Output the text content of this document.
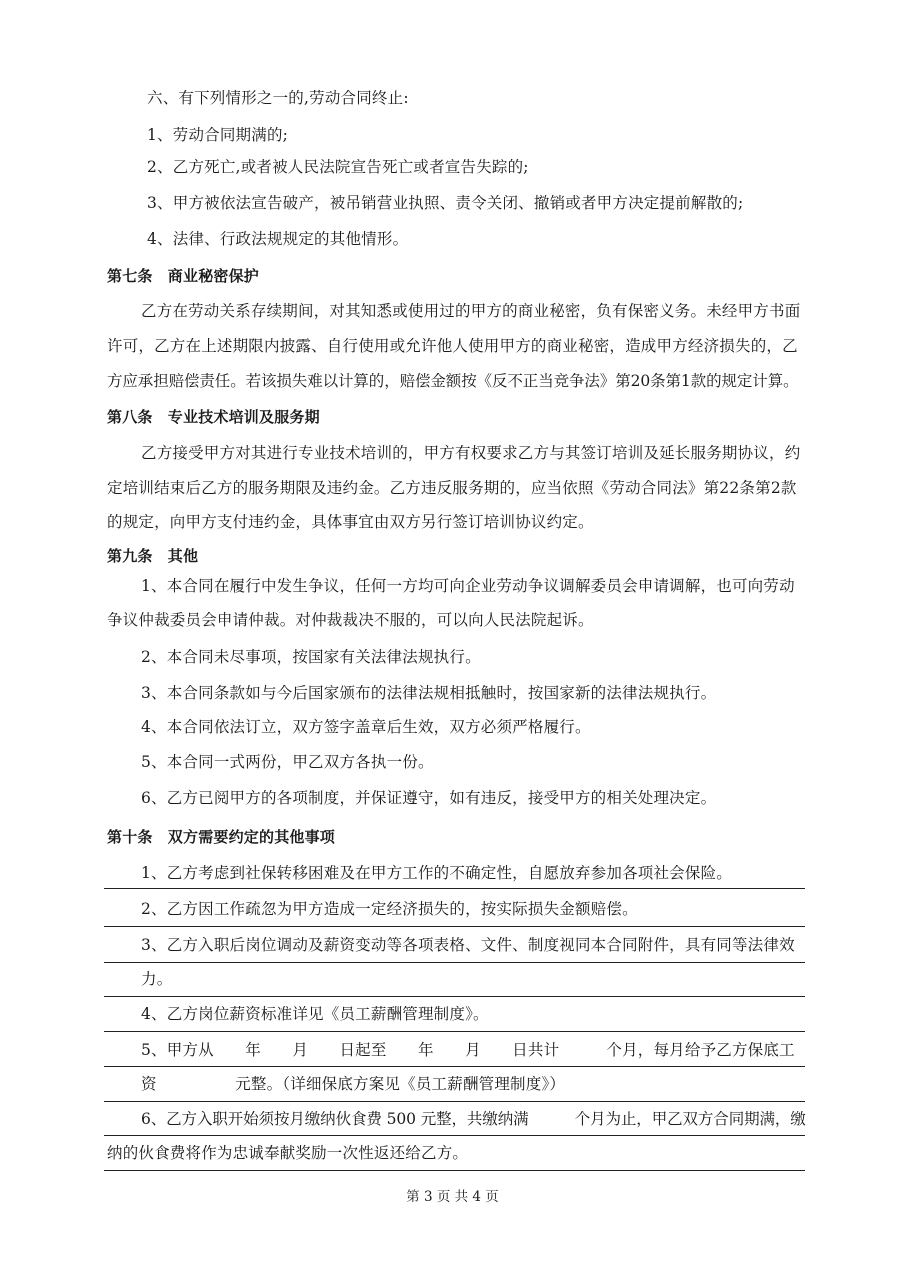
六、有下列情形之一的,劳动合同终止:
1、劳动合同期满的;
2、乙方死亡,或者被人民法院宣告死亡或者宣告失踪的;
3、甲方被依法宣告破产，被吊销营业执照、责令关闭、撤销或者甲方决定提前解散的;
4、法律、行政法规规定的其他情形。
第七条　商业秘密保护
乙方在劳动关系存续期间，对其知悉或使用过的甲方的商业秘密，负有保密义务。未经甲方书面
许可，乙方在上述期限内披露、自行使用或允许他人使用甲方的商业秘密，造成甲方经济损失的，乙
方应承担赔偿责任。若该损失难以计算的，赔偿金额按《反不正当竞争法》第20条第1款的规定计算。
第八条　专业技术培训及服务期
乙方接受甲方对其进行专业技术培训的，甲方有权要求乙方与其签订培训及延长服务期协议，约
定培训结束后乙方的服务期限及违约金。乙方违反服务期的，应当依照《劳动合同法》第22条第2款
的规定，向甲方支付违约金，具体事宜由双方另行签订培训协议约定。
第九条　其他
1、本合同在履行中发生争议，任何一方均可向企业劳动争议调解委员会申请调解，也可向劳动
争议仲裁委员会申请仲裁。对仲裁裁决不服的，可以向人民法院起诉。
2、本合同未尽事项，按国家有关法律法规执行。
3、本合同条款如与今后国家颁布的法律法规相抵触时，按国家新的法律法规执行。
4、本合同依法订立，双方签字盖章后生效，双方必须严格履行。
5、本合同一式两份，甲乙双方各执一份。
6、乙方已阅甲方的各项制度，并保证遵守，如有违反，接受甲方的相关处理决定。
第十条　双方需要约定的其他事项
1、乙方考虑到社保转移困难及在甲方工作的不确定性，自愿放弃参加各项社会保险。
2、乙方因工作疏忽为甲方造成一定经济损失的，按实际损失金额赔偿。
3、乙方入职后岗位调动及薪资变动等各项表格、文件、制度视同本合同附件，具有同等法律效
力。
4、乙方岗位薪资标准详见《员工薪酬管理制度》。
5、甲方从　　年　　月　　日起至　　年　　月　　日共计　　　个月，每月给予乙方保底工
资　　　　　元整。（详细保底方案见《员工薪酬管理制度》）
6、乙方入职开始须按月缴纳伙食费 500 元整，共缴纳满　　　个月为止，甲乙双方合同期满，缴
纳的伙食费将作为忠诚奉献奖励一次性返还给乙方。
第 3 页 共 4 页
